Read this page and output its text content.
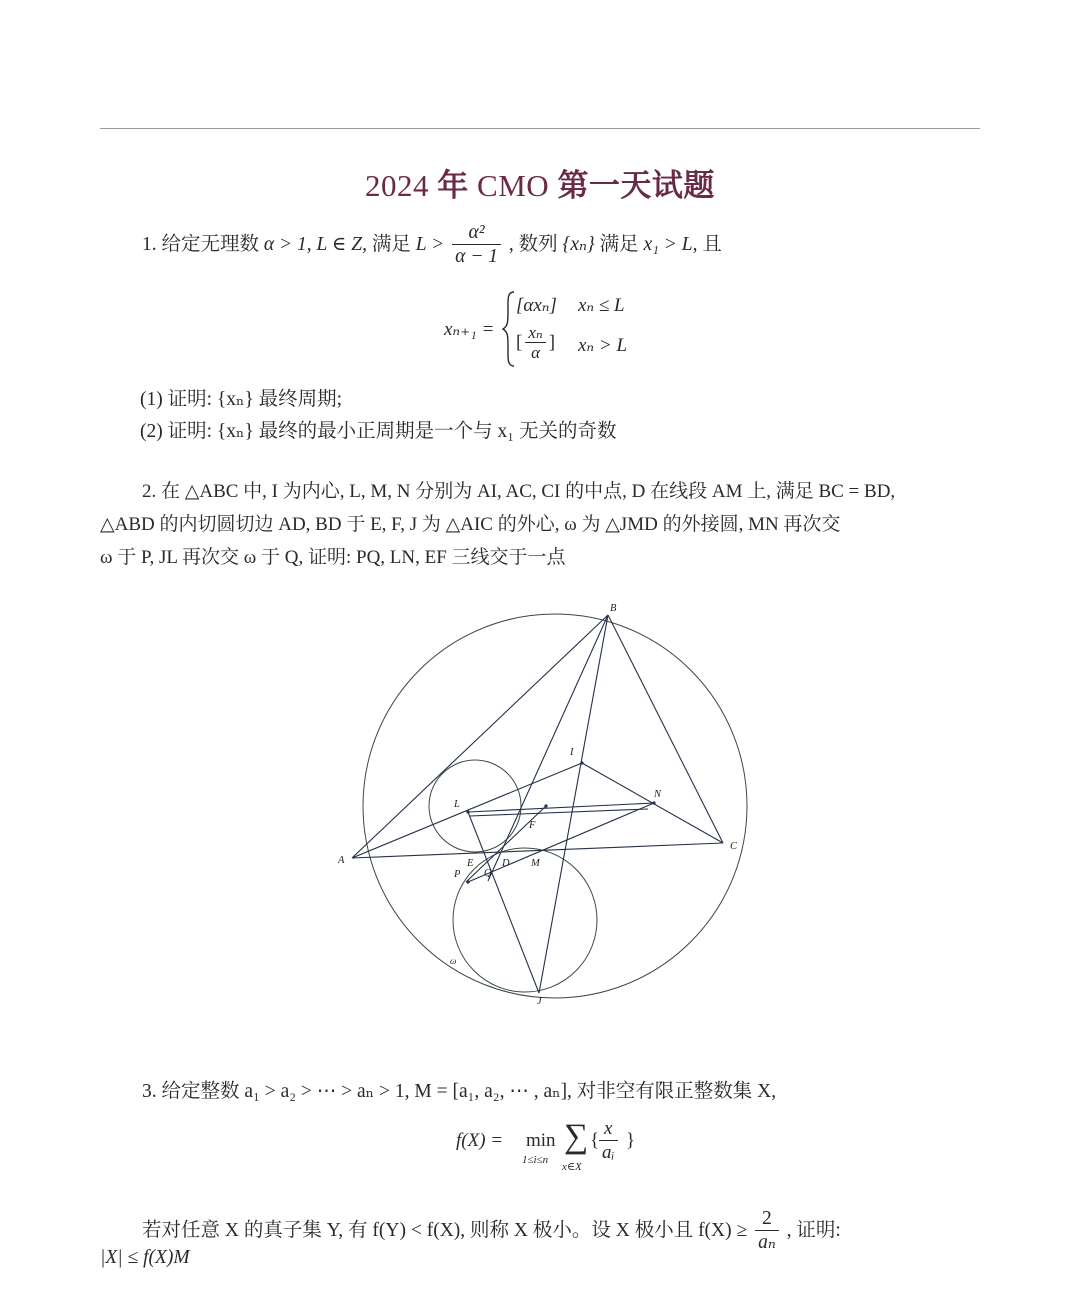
2024 年 CMO 第一天试题
1. 给定无理数 α > 1, L ∈ Z, 满足 $L > \frac{\text{α²}}{\alpha - 1}$ , 数列 {xₙ} 满足 x₁ > L, 且
xₙ₊₁ =
[αxₙ] xₙ ≤ L
[ $\frac{\text{xₙ}}{\alpha}$ ] xₙ > L
(1) 证明: {xₙ} 最终周期;
(2) 证明: {xₙ} 最终的最小正周期是一个与 x₁ 无关的奇数
2. 在 △ABC 中, I 为内心, L, M, N 分别为 AI, AC, CI 的中点, D 在线段 AM 上, 满足 BC = BD,
△ABD 的内切圆切边 AD, BD 于 E, F, J 为 △AIC 的外心, ω 为 △JMD 的外接圆, MN 再次交
ω 于 P, JL 再次交 ω 于 Q, 证明: PQ, LN, EF 三线交于一点
B
I
L
N
F
A
C
E	D M
P Q
J
ω
3. 给定整数 a₁ > a₂ > ⋯ > aₙ > 1, M = [a₁, a₂, ⋯ , aₙ], 对非空有限正整数集 X,
f(X) = min
1≤i≤n
∑
x∈X
{ $\frac{x}{\text{aᵢ}}$ }
若对任意 X 的真子集 Y, 有 f(Y) < f(X), 则称 X 极小。设 X 极小且 $f(X) \ge \frac{2}{\text{aₙ}}$ , 证明:
|X| ≤ f(X)M
